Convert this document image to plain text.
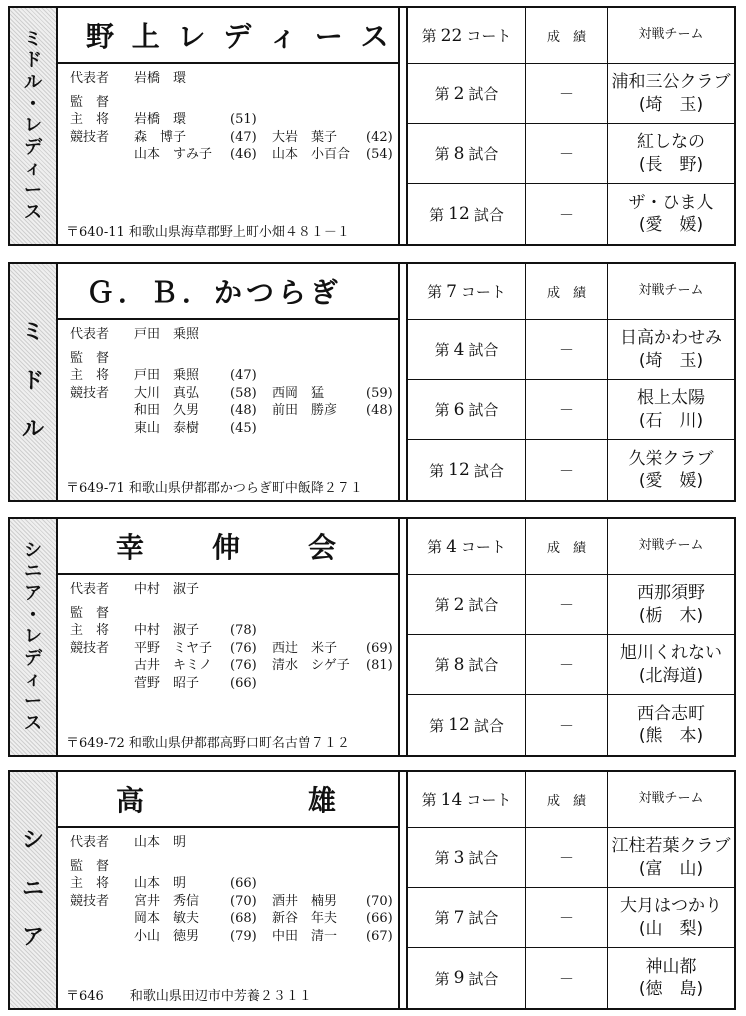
ミ
ド
ル
・
レ
デ
ィ
ー
ス
野 上 レ デ ィ ー ス
代表者	岩橋　環
監　督
主　将	岩橋　環	(51)
競技者	森　博子	(47) 大岩　葉子 (42)
山本　すみ子 (46) 山本　小百合 (54)
〒640-11 和歌山県海草郡野上町小畑４８１－１
第 22 コート	成　績	対戦チーム
第 2 試合	－
浦和三公クラブ
(埼　玉)
第 8 試合	－
紅しなの
(長　野)
第 12 試合	－
ザ・ひま人
(愛　媛)
ミ
ド
ル
Ｇ．Ｂ．かつらぎ
代表者	戸田　乗照
監　督
主　将	戸田　乗照 (47)
競技者	大川　真弘 (58) 西岡　猛	(59)
和田　久男 (48) 前田　勝彦 (48)
東山　泰樹 (45)
〒649-71 和歌山県伊都郡かつらぎ町中飯降２７１
第 7 コート	成　績	対戦チーム
第 4 試合	－
日高かわせみ
(埼　玉)
第 6 試合	－
根上太陽
(石　川)
第 12 試合	－
久栄クラブ
(愛　媛)
シ
ニ
ア
・
レ
デ
ィ
ー
ス
幸　　伸　　会
代表者	中村　淑子
監　督
主　将	中村　淑子 (78)
競技者	平野　ミヤ子 (76) 西辻　米子 (69)
古井　キミノ (76) 清水　シゲ子 (81)
菅野　昭子 (66)
〒649-72 和歌山県伊都郡高野口町名古曽７１２
第 4 コート	成　績	対戦チーム
第 2 試合	－
西那須野
(栃　木)
第 8 試合	－
旭川くれない
(北海道)
第 12 試合	－
西合志町
(熊　本)
シ
ニ
ア
高　　　　　雄
代表者	山本　明
監　督
主　将	山本　明	(66)
競技者	宮井　秀信 (70) 酒井　楠男 (70)
岡本　敏夫 (68) 新谷　年夫 (66)
小山　徳男 (79) 中田　清一 (67)
〒646　　和歌山県田辺市中芳養２３１１
第 14 コート	成　績	対戦チーム
第 3 試合	－
江柱若葉クラブ
(富　山)
第 7 試合	－
大月はつかり
(山　梨)
第 9 試合	－
神山都
(徳　島)
